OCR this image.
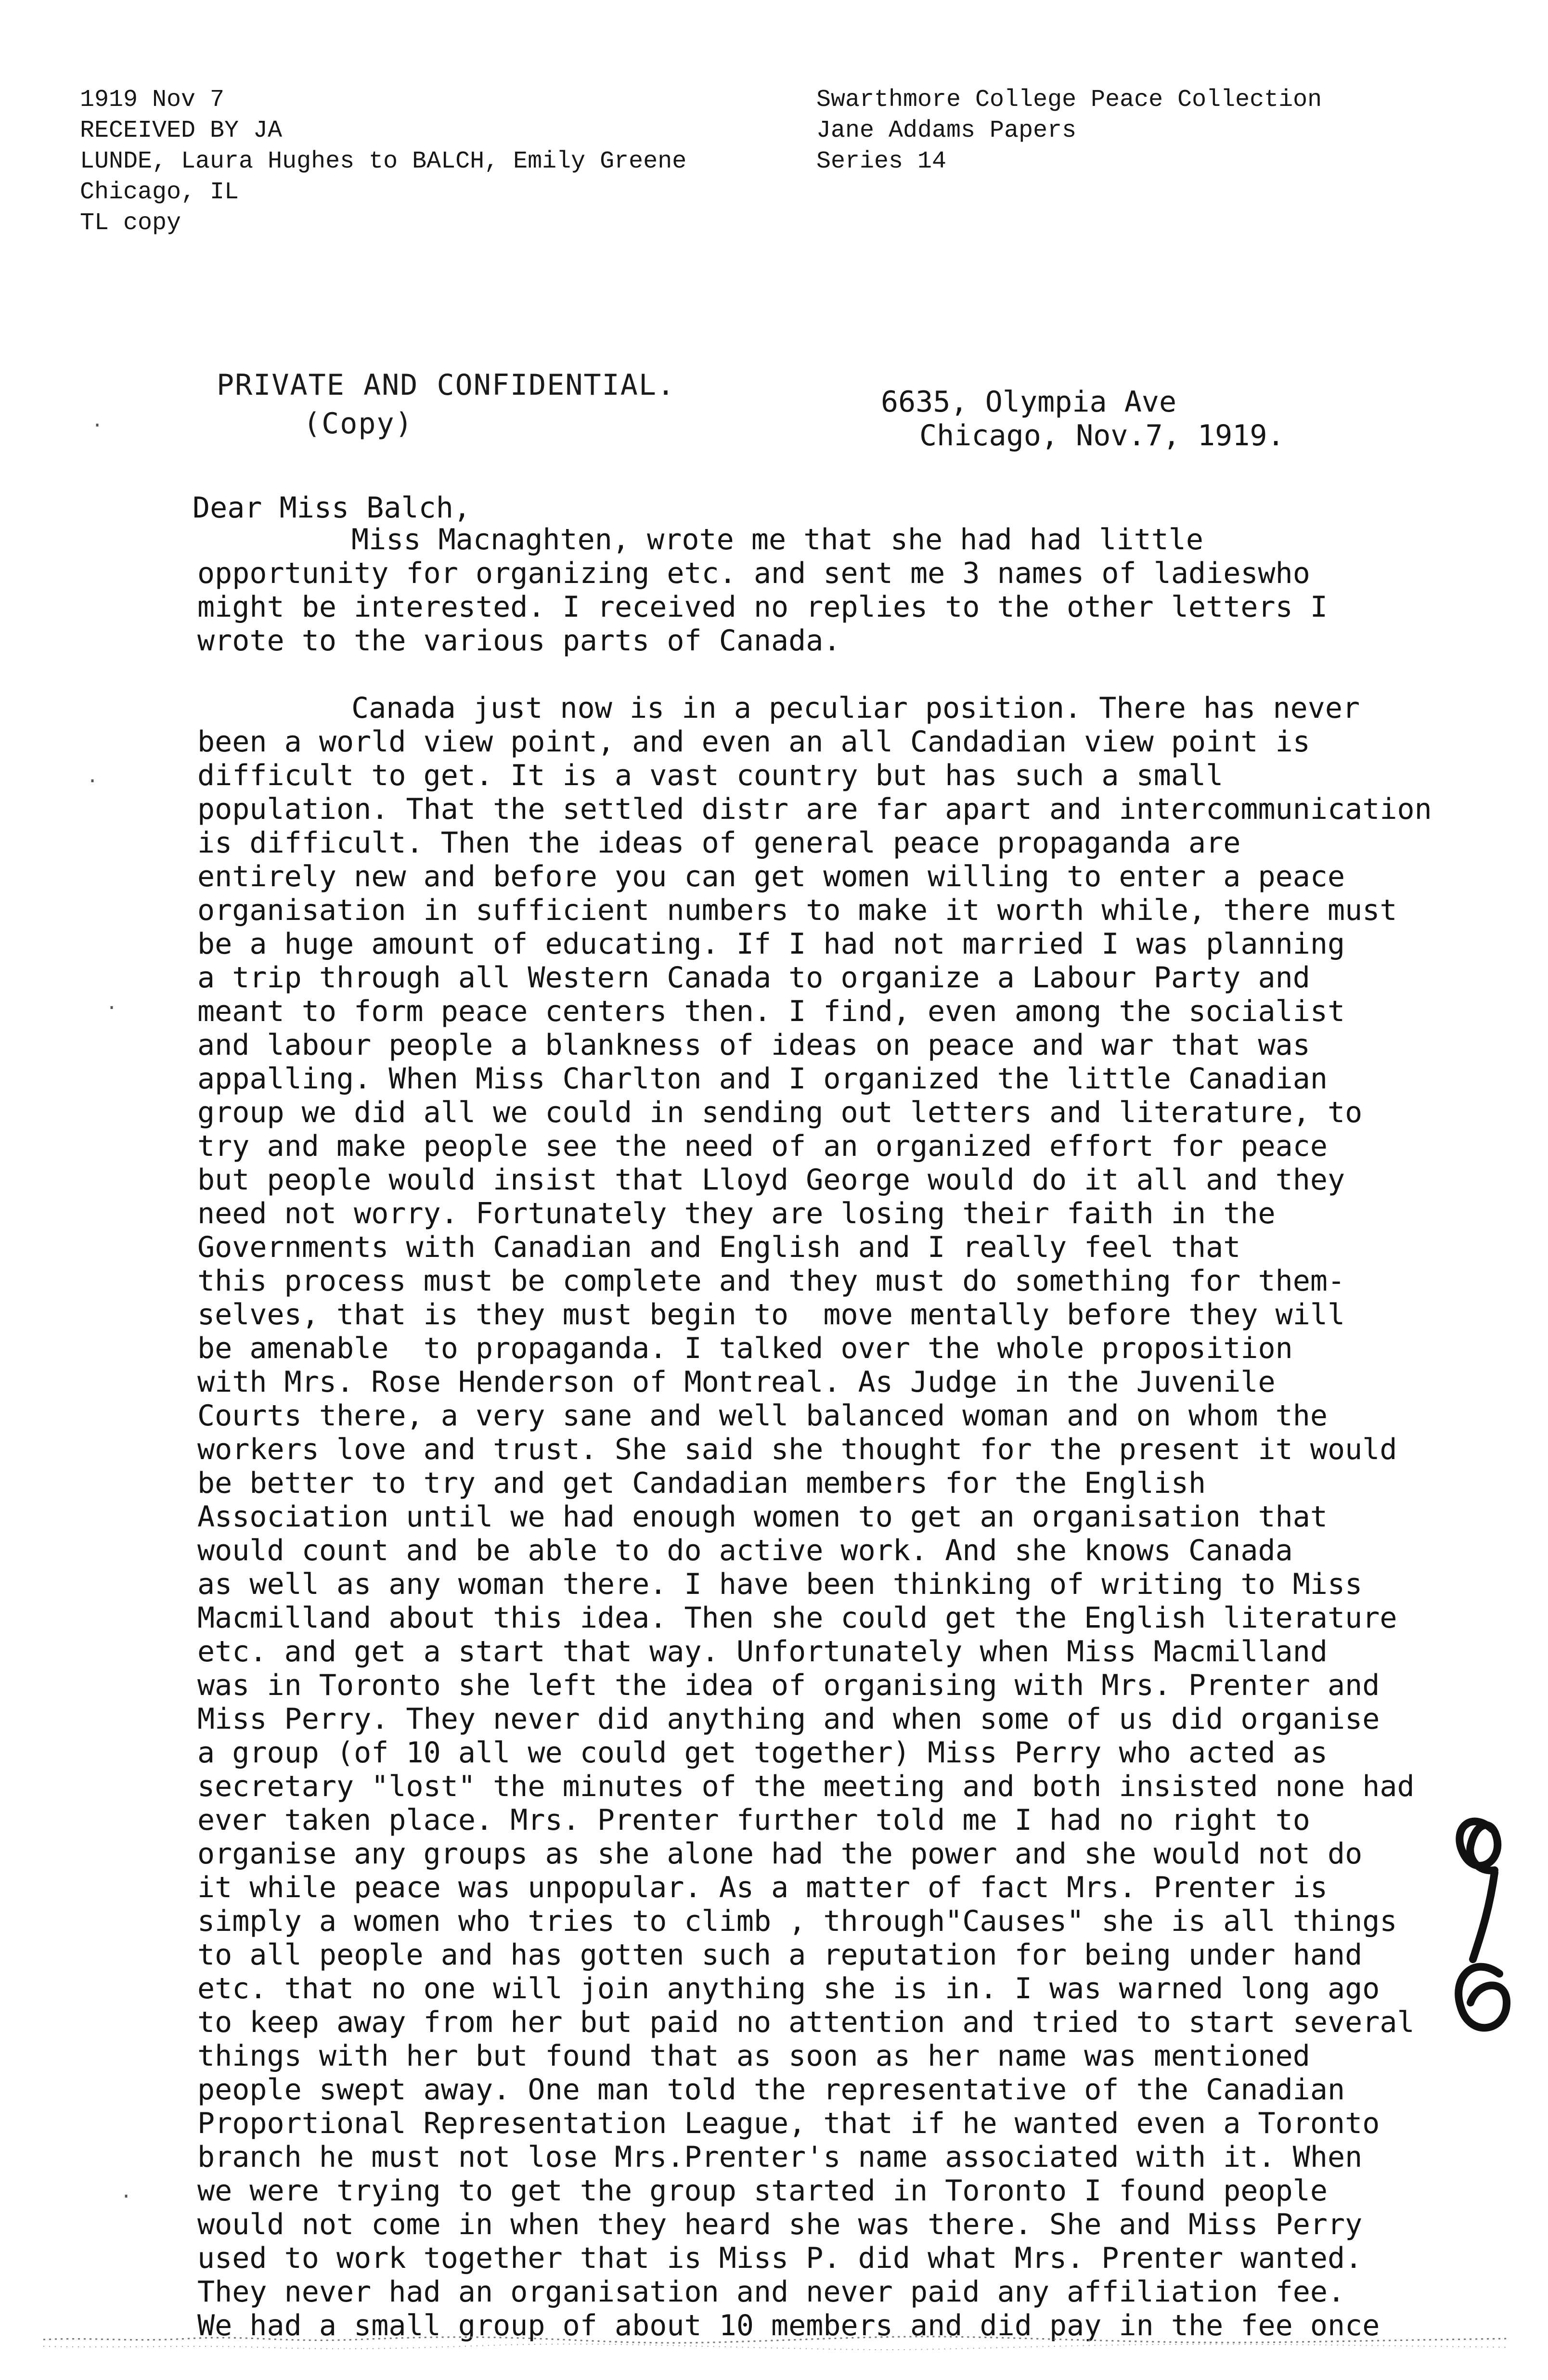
1919 Nov 7
RECEIVED BY JA
LUNDE, Laura Hughes to BALCH, Emily Greene
Chicago, IL
TL copy
Swarthmore College Peace Collection
Jane Addams Papers
Series 14
PRIVATE AND CONFIDENTIAL.
(Copy)
6635, Olympia Ave
Chicago, Nov.7, 1919.
Dear Miss Balch,
Miss Macnaghten, wrote me that she had had little
opportunity for organizing etc. and sent me 3 names of ladieswho
might be interested. I received no replies to the other letters I
wrote to the various parts of Canada.
Canada just now is in a peculiar position. There has never
been a world view point, and even an all Candadian view point is
difficult to get. It is a vast country but has such a small
population. That the settled distr are far apart and intercommunication
is difficult. Then the ideas of general peace propaganda are
entirely new and before you can get women willing to enter a peace
organisation in sufficient numbers to make it worth while, there must
be a huge amount of educating. If I had not married I was planning
a trip through all Western Canada to organize a Labour Party and
meant to form peace centers then. I find, even among the socialist
and labour people a blankness of ideas on peace and war that was
appalling. When Miss Charlton and I organized the little Canadian
group we did all we could in sending out letters and literature, to
try and make people see the need of an organized effort for peace
but people would insist that Lloyd George would do it all and they
need not worry. Fortunately they are losing their faith in the
Governments with Canadian and English and I really feel that
this process must be complete and they must do something for them-
selves, that is they must begin to  move mentally before they will
be amenable  to propaganda. I talked over the whole proposition
with Mrs. Rose Henderson of Montreal. As Judge in the Juvenile
Courts there, a very sane and well balanced woman and on whom the
workers love and trust. She said she thought for the present it would
be better to try and get Candadian members for the English
Association until we had enough women to get an organisation that
would count and be able to do active work. And she knows Canada
as well as any woman there. I have been thinking of writing to Miss
Macmilland about this idea. Then she could get the English literature
etc. and get a start that way. Unfortunately when Miss Macmilland
was in Toronto she left the idea of organising with Mrs. Prenter and
Miss Perry. They never did anything and when some of us did organise
a group (of 10 all we could get together) Miss Perry who acted as
secretary "lost" the minutes of the meeting and both insisted none had
ever taken place. Mrs. Prenter further told me I had no right to
organise any groups as she alone had the power and she would not do
it while peace was unpopular. As a matter of fact Mrs. Prenter is
simply a women who tries to climb , through"Causes" she is all things
to all people and has gotten such a reputation for being under hand
etc. that no one will join anything she is in. I was warned long ago
to keep away from her but paid no attention and tried to start several
things with her but found that as soon as her name was mentioned
people swept away. One man told the representative of the Canadian
Proportional Representation League, that if he wanted even a Toronto
branch he must not lose Mrs.Prenter's name associated with it. When
we were trying to get the group started in Toronto I found people
would not come in when they heard she was there. She and Miss Perry
used to work together that is Miss P. did what Mrs. Prenter wanted.
They never had an organisation and never paid any affiliation fee.
We had a small group of about 10 members and did pay in the fee once
.
·
.
·
